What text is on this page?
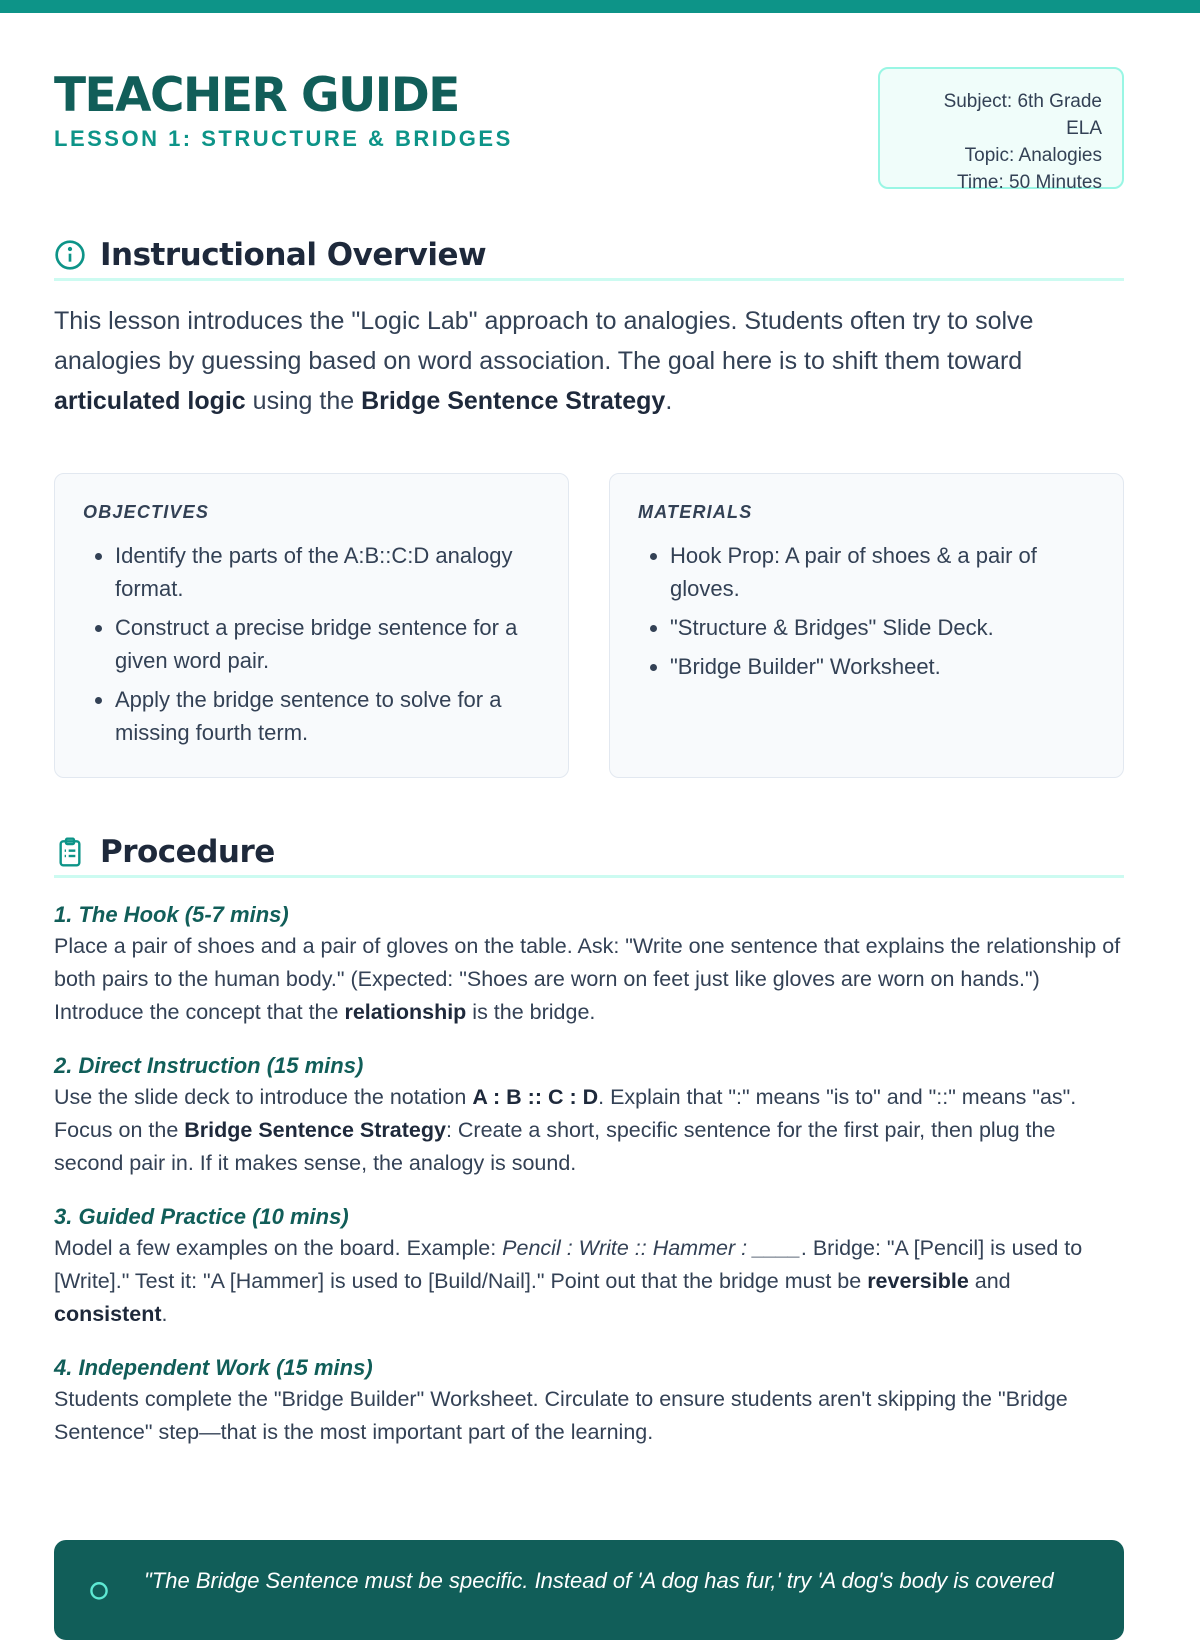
TEACHER GUIDE
LESSON 1: STRUCTURE & BRIDGES
Subject: 6th Grade ELA
Topic: Analogies
Time: 50 Minutes
Instructional Overview

This lesson introduces the "Logic Lab" approach to analogies. Students often try to solve analogies by guessing based on word association. The goal here is to shift them toward articulated logic using the Bridge Sentence Strategy.

OBJECTIVES
• Identify the parts of the A:B::C:D analogy format.
• Construct a precise bridge sentence for a given word pair.
• Apply the bridge sentence to solve for a missing fourth term.
MATERIALS
• Hook Prop: A pair of shoes & a pair of gloves.
• "Structure & Bridges" Slide Deck.
• "Bridge Builder" Worksheet.
Procedure
1. The Hook (5-7 mins)

Place a pair of shoes and a pair of gloves on the table. Ask: "Write one sentence that explains the relationship of both pairs to the human body." (Expected: "Shoes are worn on feet just like gloves are worn on hands.") Introduce the concept that the relationship is the bridge.

2. Direct Instruction (15 mins)

Use the slide deck to introduce the notation A : B :: C : D. Explain that ":" means "is to" and "::" means "as". Focus on the Bridge Sentence Strategy: Create a short, specific sentence for the first pair, then plug the second pair in. If it makes sense, the analogy is sound.

3. Guided Practice (10 mins)

Model a few examples on the board. Example: Pencil : Write :: Hammer : ____. Bridge: "A [Pencil] is used to [Write]." Test it: "A [Hammer] is used to [Build/Nail]." Point out that the bridge must be reversible and consistent.

4. Independent Work (15 mins)

Students complete the "Bridge Builder" Worksheet. Circulate to ensure students aren't skipping the "Bridge Sentence" step—that is the most important part of the learning.

"The Bridge Sentence must be specific. Instead of 'A dog has fur,' try 'A dog's body is covered
